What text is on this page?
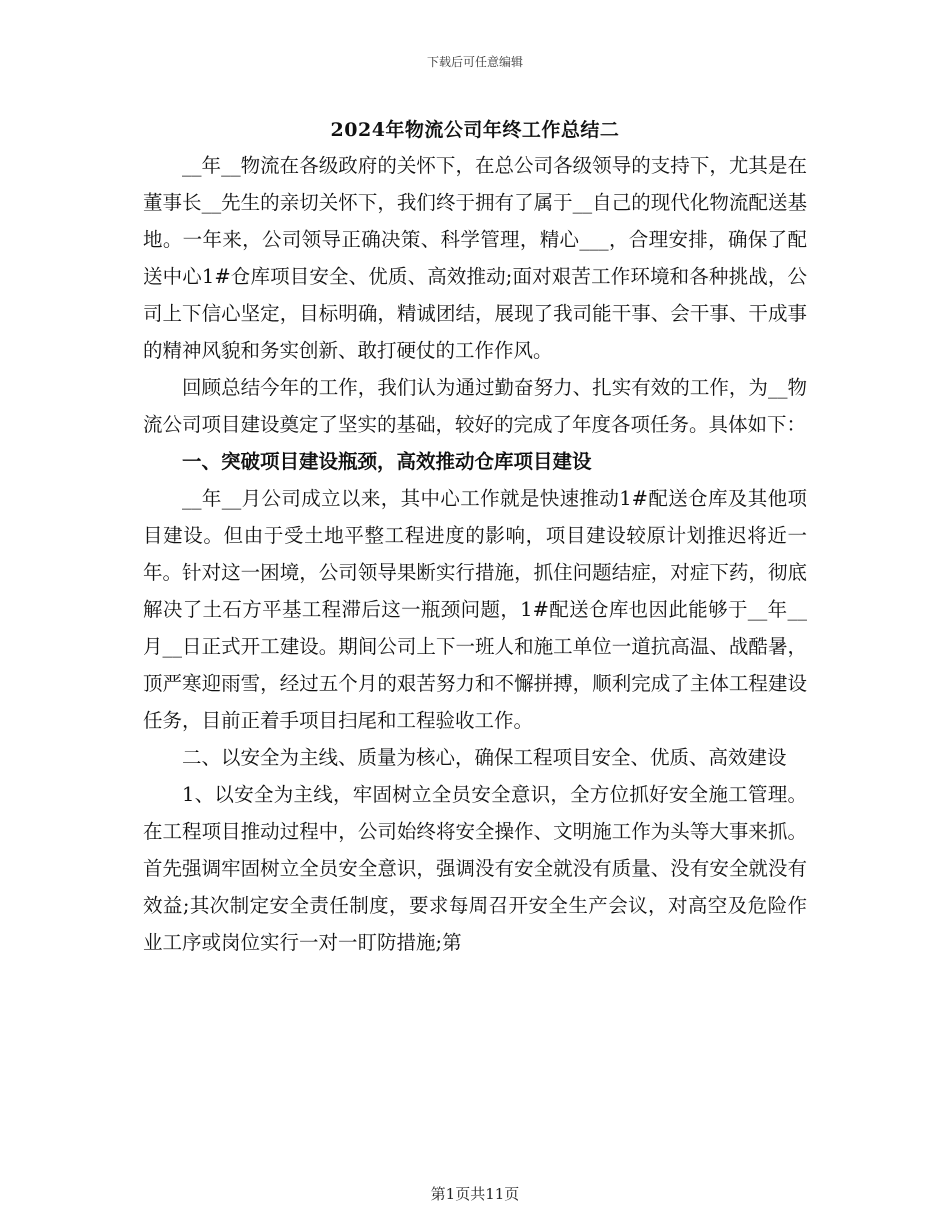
下载后可任意编辑
2024年物流公司年终工作总结二

__年__物流在各级政府的关怀下，在总公司各级领导的支持下，尤其是在董事长__先生的亲切关怀下，我们终于拥有了属于__自己的现代化物流配送基地。一年来，公司领导正确决策、科学管理，精心___，合理安排，确保了配送中心1#仓库项目安全、优质、高效推动;面对艰苦工作环境和各种挑战，公司上下信心坚定，目标明确，精诚团结，展现了我司能干事、会干事、干成事的精神风貌和务实创新、敢打硬仗的工作作风。

回顾总结今年的工作，我们认为通过勤奋努力、扎实有效的工作，为__物流公司项目建设奠定了坚实的基础，较好的完成了年度各项任务。具体如下：

一、突破项目建设瓶颈，高效推动仓库项目建设

__年__月公司成立以来，其中心工作就是快速推动1#配送仓库及其他项目建设。但由于受土地平整工程进度的影响，项目建设较原计划推迟将近一年。针对这一困境，公司领导果断实行措施，抓住问题结症，对症下药，彻底解决了土石方平基工程滞后这一瓶颈问题，1#配送仓库也因此能够于__年__月__日正式开工建设。期间公司上下一班人和施工单位一道抗高温、战酷暑，顶严寒迎雨雪，经过五个月的艰苦努力和不懈拼搏，顺利完成了主体工程建设任务，目前正着手项目扫尾和工程验收工作。

二、以安全为主线、质量为核心，确保工程项目安全、优质、高效建设

1、以安全为主线，牢固树立全员安全意识，全方位抓好安全施工管理。在工程项目推动过程中，公司始终将安全操作、文明施工作为头等大事来抓。首先强调牢固树立全员安全意识，强调没有安全就没有质量、没有安全就没有效益;其次制定安全责任制度，要求每周召开安全生产会议，对高空及危险作业工序或岗位实行一对一盯防措施;第

第1页共11页
